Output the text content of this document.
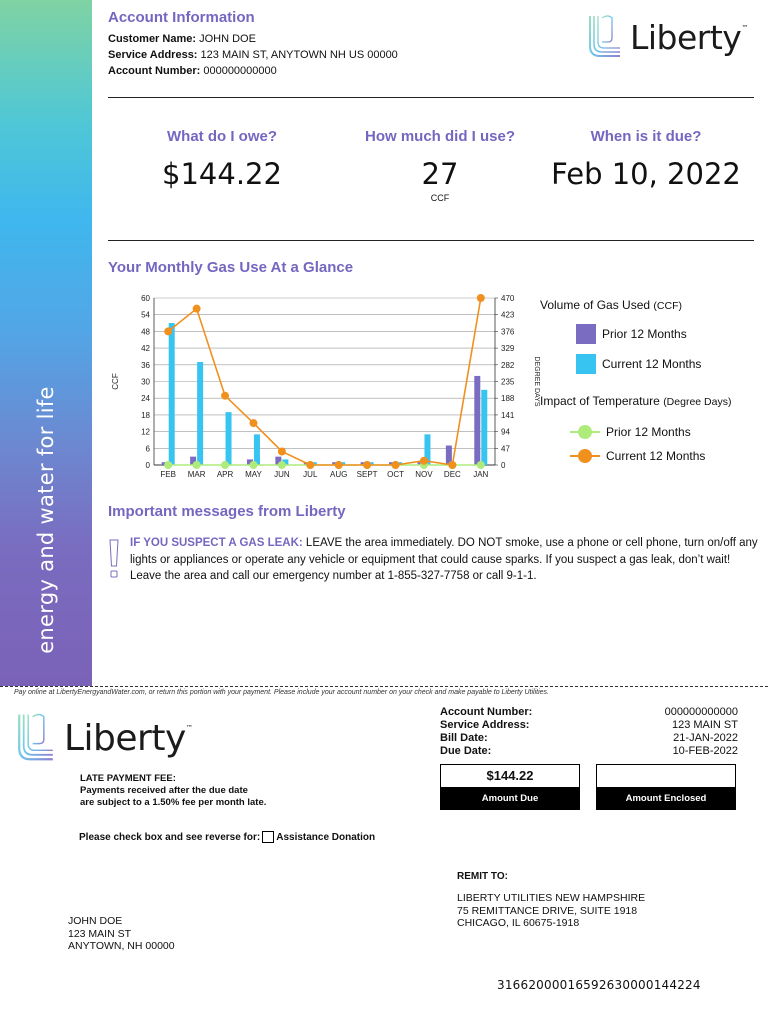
energy and water for life
Account Information
Customer Name: JOHN DOE
Service Address: 123 MAIN ST, ANYTOWN NH US 00000
Account Number: 000000000000
Liberty™
What do I owe?
$144.22
How much did I use?
27
CCF
When is it due?
Feb 10, 2022
Your Monthly Gas Use At a Glance
0
6
12
18
24
30
36
42
48
54
60
0
47
94
141
188
235
282
329
376
423
470
CCF	DEGREE DAYS
FEB MAR APR MAY JUN JUL AUG SEPT OCT NOV DEC JAN
Volume of Gas Used (CCF)
Prior 12 Months
Current 12 Months
Impact of Temperature (Degree Days)
Prior 12 Months
Current 12 Months
Important messages from Liberty
IF YOU SUSPECT A GAS LEAK: LEAVE the area immediately. DO NOT smoke, use a phone or cell phone, turn on/off any lights or appliances or operate any vehicle or equipment that could cause sparks. If you suspect a gas leak, don’t wait! Leave the area and call our emergency number at 1-855-327-7758 or call 9-1-1.
Pay online at LibertyEnergyandWater.com, or return this portion with your payment. Please include your account number on your check and make payable to Liberty Utilities.
Liberty™
Account Number:	000000000000
Service Address:	123 MAIN ST
Bill Date:	21-JAN-2022
Due Date:	10-FEB-2022
$144.22
Amount Due	Amount Enclosed
LATE PAYMENT FEE:
Payments received after the due date
are subject to a 1.50% fee per month late.
Please check box and see reverse for: Assistance Donation
REMIT TO:
LIBERTY UTILITIES NEW HAMPSHIRE
75 REMITTANCE DRIVE, SUITE 1918
CHICAGO, IL 60675-1918
JOHN DOE
123 MAIN ST
ANYTOWN, NH 00000
31662000016592630000144224
